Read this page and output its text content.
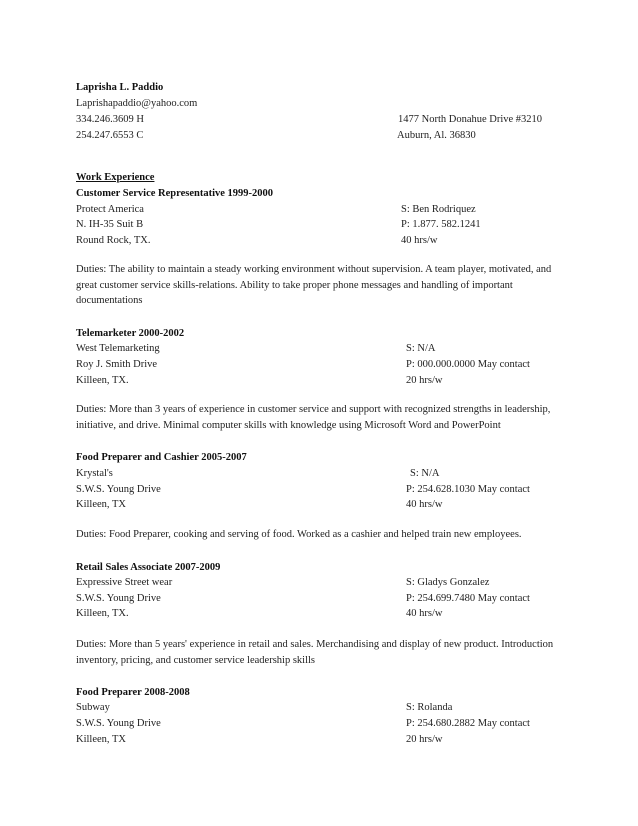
Laprisha L. Paddio
Laprishapaddio@yahoo.com
334.246.3609 H	1477 North Donahue Drive #3210
254.247.6553 C	Auburn, Al. 36830
Work Experience
Customer Service Representative 1999-2000
Protect America	S: Ben Rodriquez
N. IH-35 Suit B	P: 1.877. 582.1241
Round Rock, TX.	40 hrs/w
Duties: The ability to maintain a steady working environment without supervision. A team player, motivated, and great customer service skills-relations. Ability to take proper phone messages and handling of important documentations
Telemarketer 2000-2002
West Telemarketing	S: N/A
Roy J. Smith Drive	P: 000.000.0000 May contact
Killeen, TX.	20 hrs/w
Duties: More than 3 years of experience in customer service and support with recognized strengths in leadership, initiative, and drive. Minimal computer skills with knowledge using Microsoft Word and PowerPoint
Food Preparer and Cashier 2005-2007
Krystal's	S: N/A
S.W.S. Young Drive	P: 254.628.1030 May contact
Killeen, TX	40 hrs/w
Duties: Food Preparer, cooking and serving of food. Worked as a cashier and helped train new employees.
Retail Sales Associate 2007-2009
Expressive Street wear	S: Gladys Gonzalez
S.W.S. Young Drive	P: 254.699.7480 May contact
Killeen, TX.	40 hrs/w
Duties: More than 5 years' experience in retail and sales. Merchandising and display of new product. Introduction inventory, pricing, and customer service leadership skills
Food Preparer 2008-2008
Subway	S: Rolanda
S.W.S. Young Drive	P: 254.680.2882 May contact
Killeen, TX	20 hrs/w
